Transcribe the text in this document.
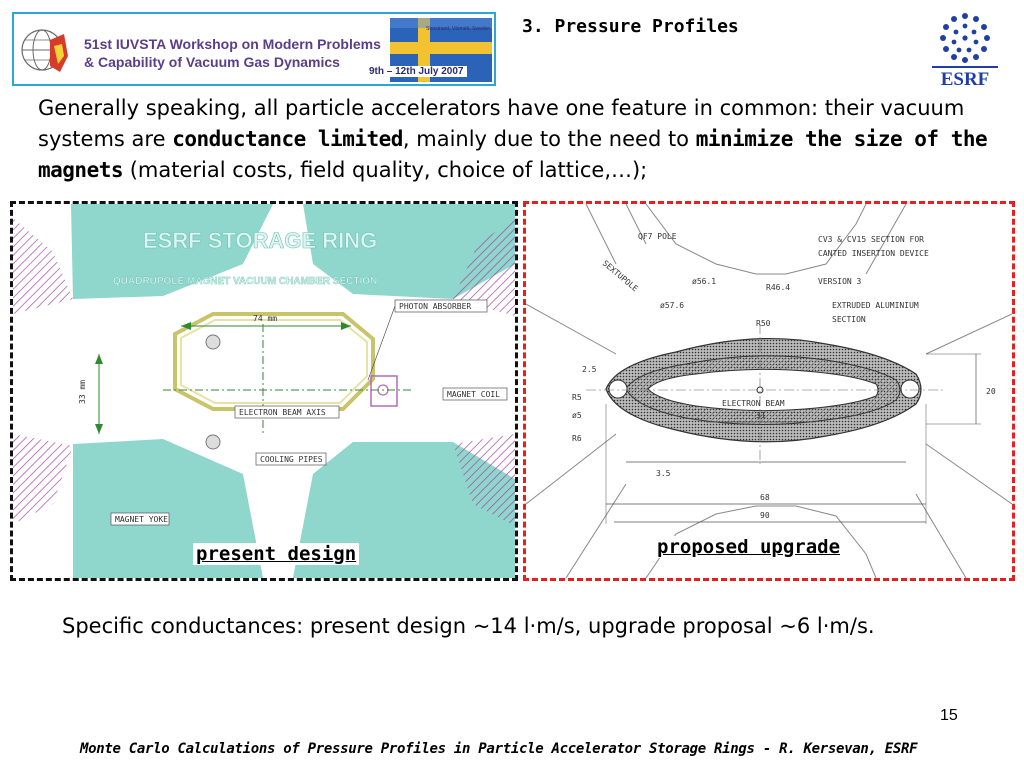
51st IUVSTA Workshop on Modern Problems
& Capability of Vacuum Gas Dynamics
Storstrand, Värmdö, Sweden
9th – 12th July 2007
3. Pressure Profiles
ESRF
Generally speaking, all particle accelerators have one feature in common: their vacuum systems are conductance limited, mainly due to the need to minimize the size of the magnets (material costs, field quality, choice of lattice,…);
ESRF STORAGE RING
QUADRUPOLE MAGNET VACUUM CHAMBER SECTION
74 mm
33 mm
PHOTON ABSORBER
MAGNET COIL
ELECTRON BEAM AXIS
COOLING PIPES
MAGNET YOKE
present design
QF7 POLE
SEXTUPOLE
CV3 & CV15 SECTION FOR
CANTED INSERTION DEVICE
VERSION 3
EXTRUDED ALUMINIUM
SECTION
ELECTRON BEAM
R46.4
R50
ø56.1
ø57.6
R5
R6
ø5
2.5
3.5
31
68
90
20
proposed upgrade
Specific conductances: present design ~14 l·m/s, upgrade proposal ~6 l·m/s.
15
Monte Carlo Calculations of Pressure Profiles in Particle Accelerator Storage Rings - R. Kersevan, ESRF
